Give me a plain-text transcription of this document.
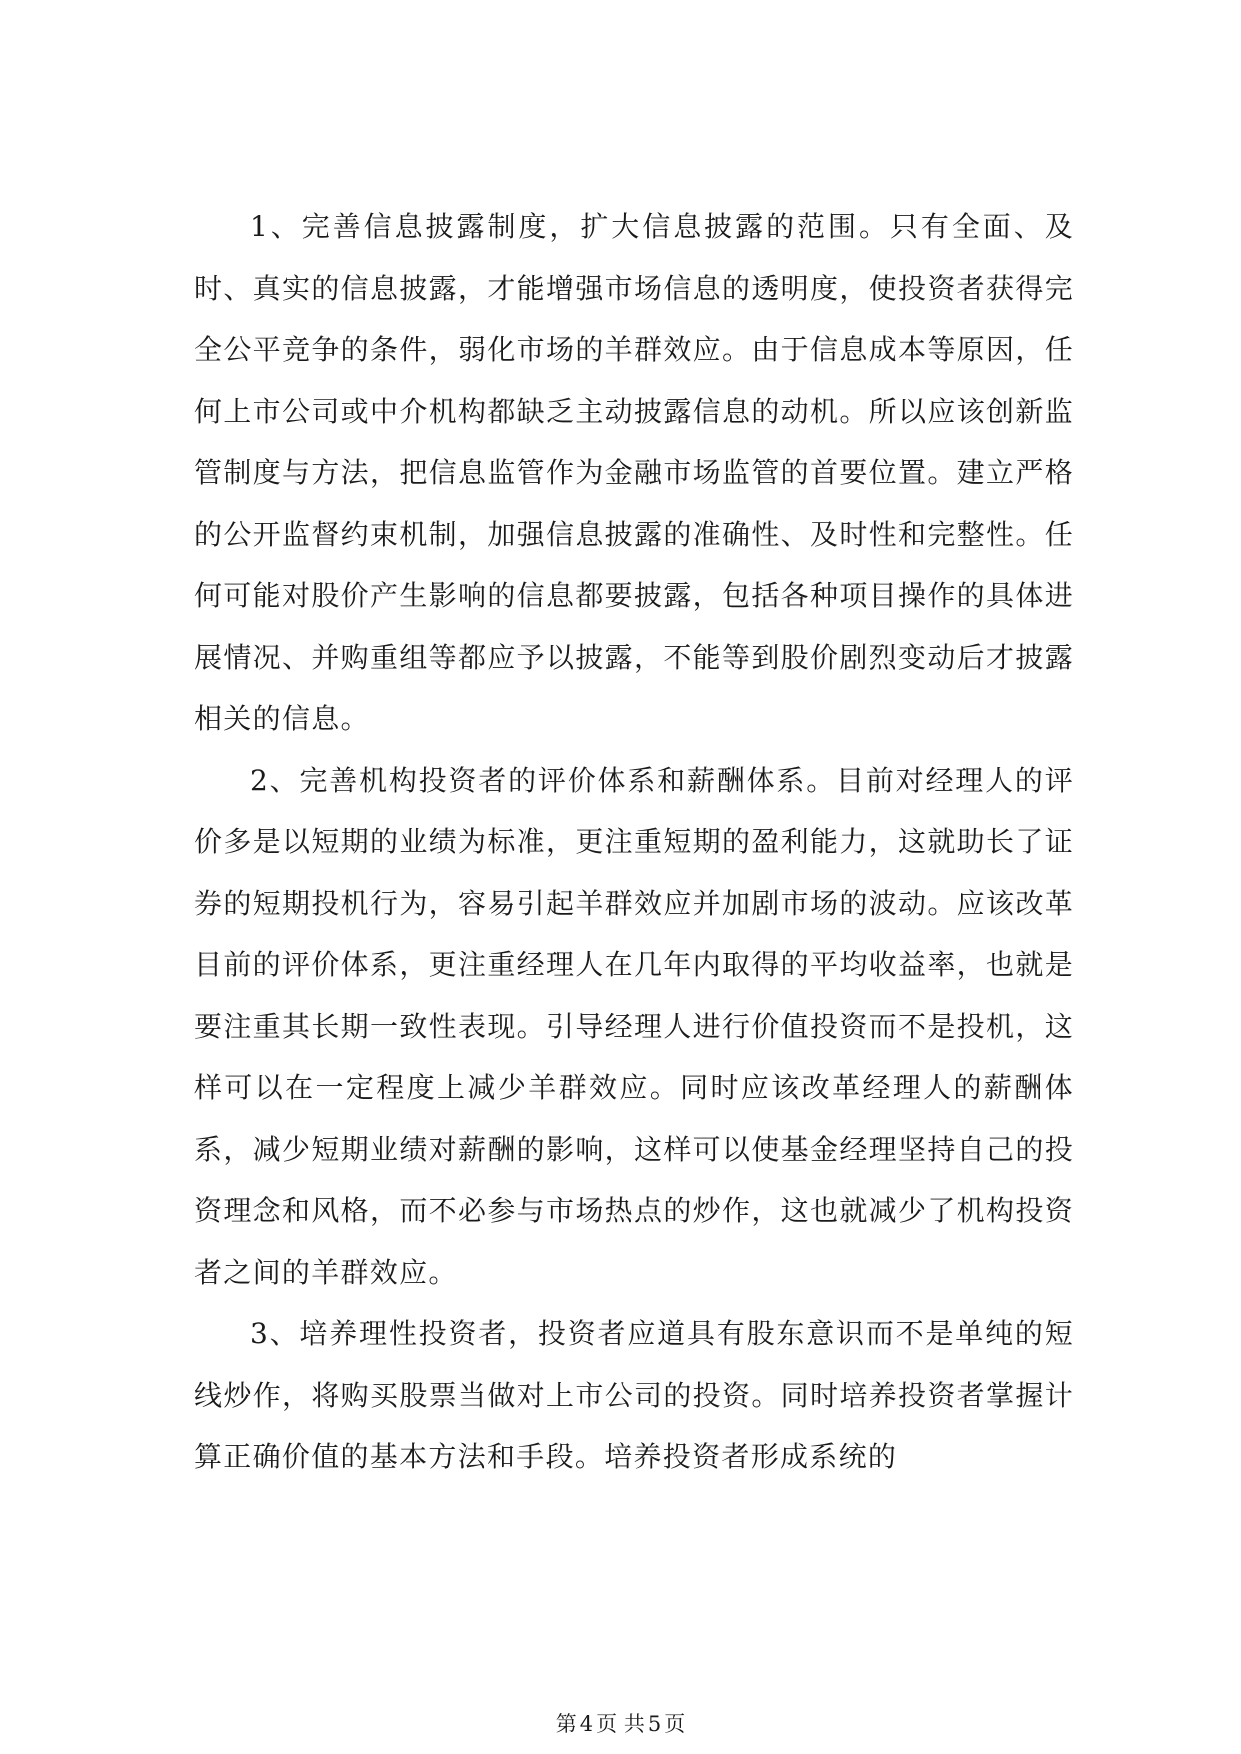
1、完善信息披露制度，扩大信息披露的范围。只有全面、及时、真实的信息披露，才能增强市场信息的透明度，使投资者获得完全公平竞争的条件，弱化市场的羊群效应。由于信息成本等原因，任何上市公司或中介机构都缺乏主动披露信息的动机。所以应该创新监管制度与方法，把信息监管作为金融市场监管的首要位置。建立严格的公开监督约束机制，加强信息披露的准确性、及时性和完整性。任何可能对股价产生影响的信息都要披露，包括各种项目操作的具体进展情况、并购重组等都应予以披露，不能等到股价剧烈变动后才披露相关的信息。

2、完善机构投资者的评价体系和薪酬体系。目前对经理人的评价多是以短期的业绩为标准，更注重短期的盈利能力，这就助长了证券的短期投机行为，容易引起羊群效应并加剧市场的波动。应该改革目前的评价体系，更注重经理人在几年内取得的平均收益率，也就是要注重其长期一致性表现。引导经理人进行价值投资而不是投机，这样可以在一定程度上减少羊群效应。同时应该改革经理人的薪酬体系，减少短期业绩对薪酬的影响，这样可以使基金经理坚持自己的投资理念和风格，而不必参与市场热点的炒作，这也就减少了机构投资者之间的羊群效应。

3、培养理性投资者，投资者应道具有股东意识而不是单纯的短线炒作，将购买股票当做对上市公司的投资。同时培养投资者掌握计算正确价值的基本方法和手段。培养投资者形成系统的

第 4 页 共 5 页
